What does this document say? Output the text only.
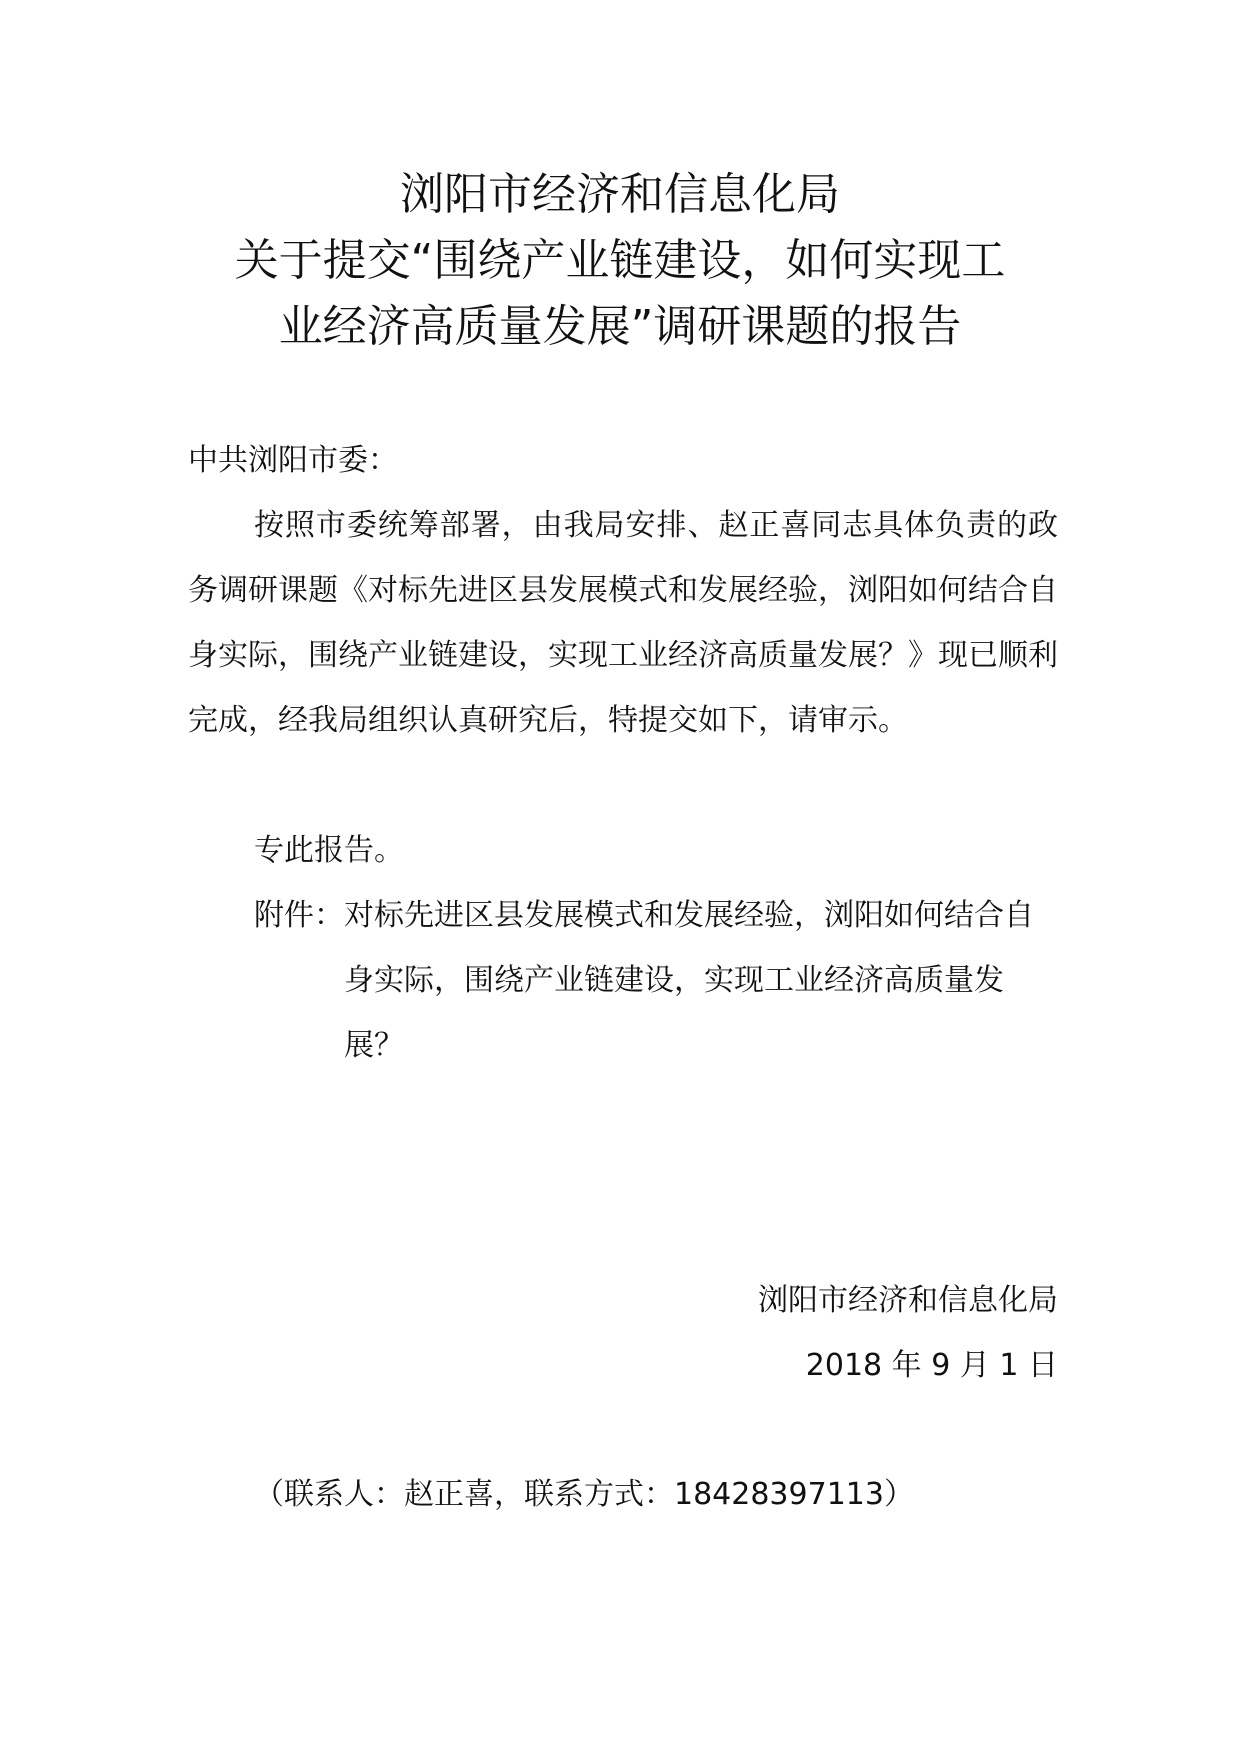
浏阳市经济和信息化局
关于提交“围绕产业链建设，如何实现工
业经济高质量发展”调研课题的报告
中共浏阳市委：
按照市委统筹部署，由我局安排、赵正喜同志具体负责的政务调研课题《对标先进区县发展模式和发展经验，浏阳如何结合自身实际，围绕产业链建设，实现工业经济高质量发展？》现已顺利完成，经我局组织认真研究后，特提交如下，请审示。
专此报告。
附件： 对标先进区县发展模式和发展经验，浏阳如何结合自身实际，围绕产业链建设，实现工业经济高质量发展？
浏阳市经济和信息化局
2018 年 9 月 1 日
（联系人：赵正喜，联系方式：18428397113）
